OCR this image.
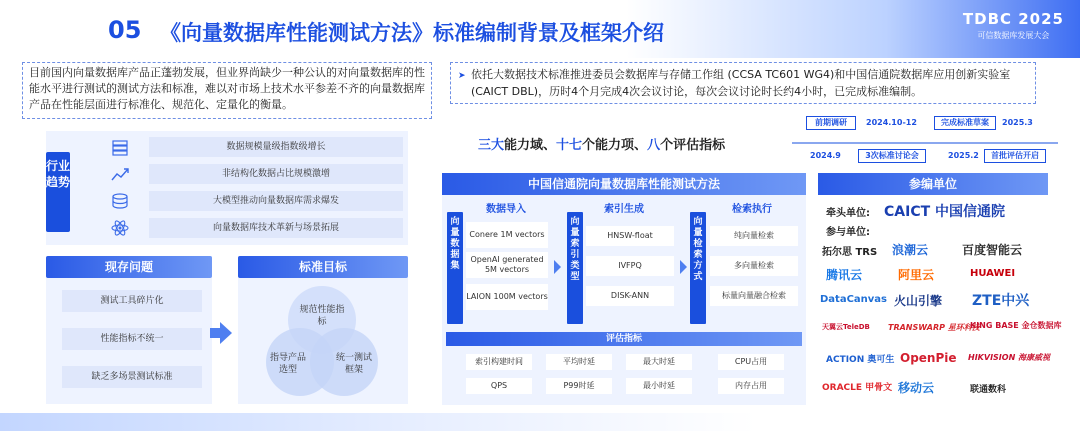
05 《向量数据库性能测试方法》标准编制背景及框架介绍
TDBC 2025
可信数据库发展大会
目前国内向量数据库产品正蓬勃发展，但业界尚缺少一种公认的对向量数据库的性能水平进行测试的测试方法和标准，难以对市场上技术水平参差不齐的向量数据库产品在性能层面进行标准化、规范化、定量化的衡量。
➤ 依托大数据技术标准推进委员会数据库与存储工作组 (CCSA TC601 WG4)和中国信通院数据库应用创新实验室(CAICT DBL)，历时4个月完成4次会议讨论，每次会议讨论时长约4小时，已完成标准编制。
行业趋势
数据规模量级指数级增长
非结构化数据占比规模激增
大模型推动向量数据库需求爆发
向量数据库技术革新与场景拓展
现存问题
测试工具碎片化
性能指标不统一
缺乏多场景测试标准
标准目标
规范性能指标
指导产品选型
统一测试框架
三大能力域、十七个能力项、八个评估指标
前期调研	2024.10-12	完成标准草案	2025.3
2024.9	3次标准讨论会	2025.2	首批评估开启
中国信通院向量数据库性能测试方法
数据导入	索引生成	检索执行
向量数据集
Conere 1M vectors
OpenAI generated 5M vectors
LAION 100M vectors
向量索引类型
HNSW-float
IVFPQ
DISK-ANN
向量检索方式
纯向量检索
多向量检索
标量向量融合检索
评估指标
索引构建时间	平均时延	最大时延	CPU占用
QPS	P99时延	最小时延	内存占用
参编单位
牵头单位: CAICT 中国信通院
参与单位:
拓尔思 TRS 浪潮云	百度智能云
腾讯云	阿里云	HUAWEI
DataCanvas 火山引擎 ZTE中兴
天翼云TeleDB TRANSWARP 星环科技
KING BASE 金仓数据库
ACTION 奥可生 OpenPie HIKVISION 海康威视
ORACLE 甲骨文 移动云	联通数科
